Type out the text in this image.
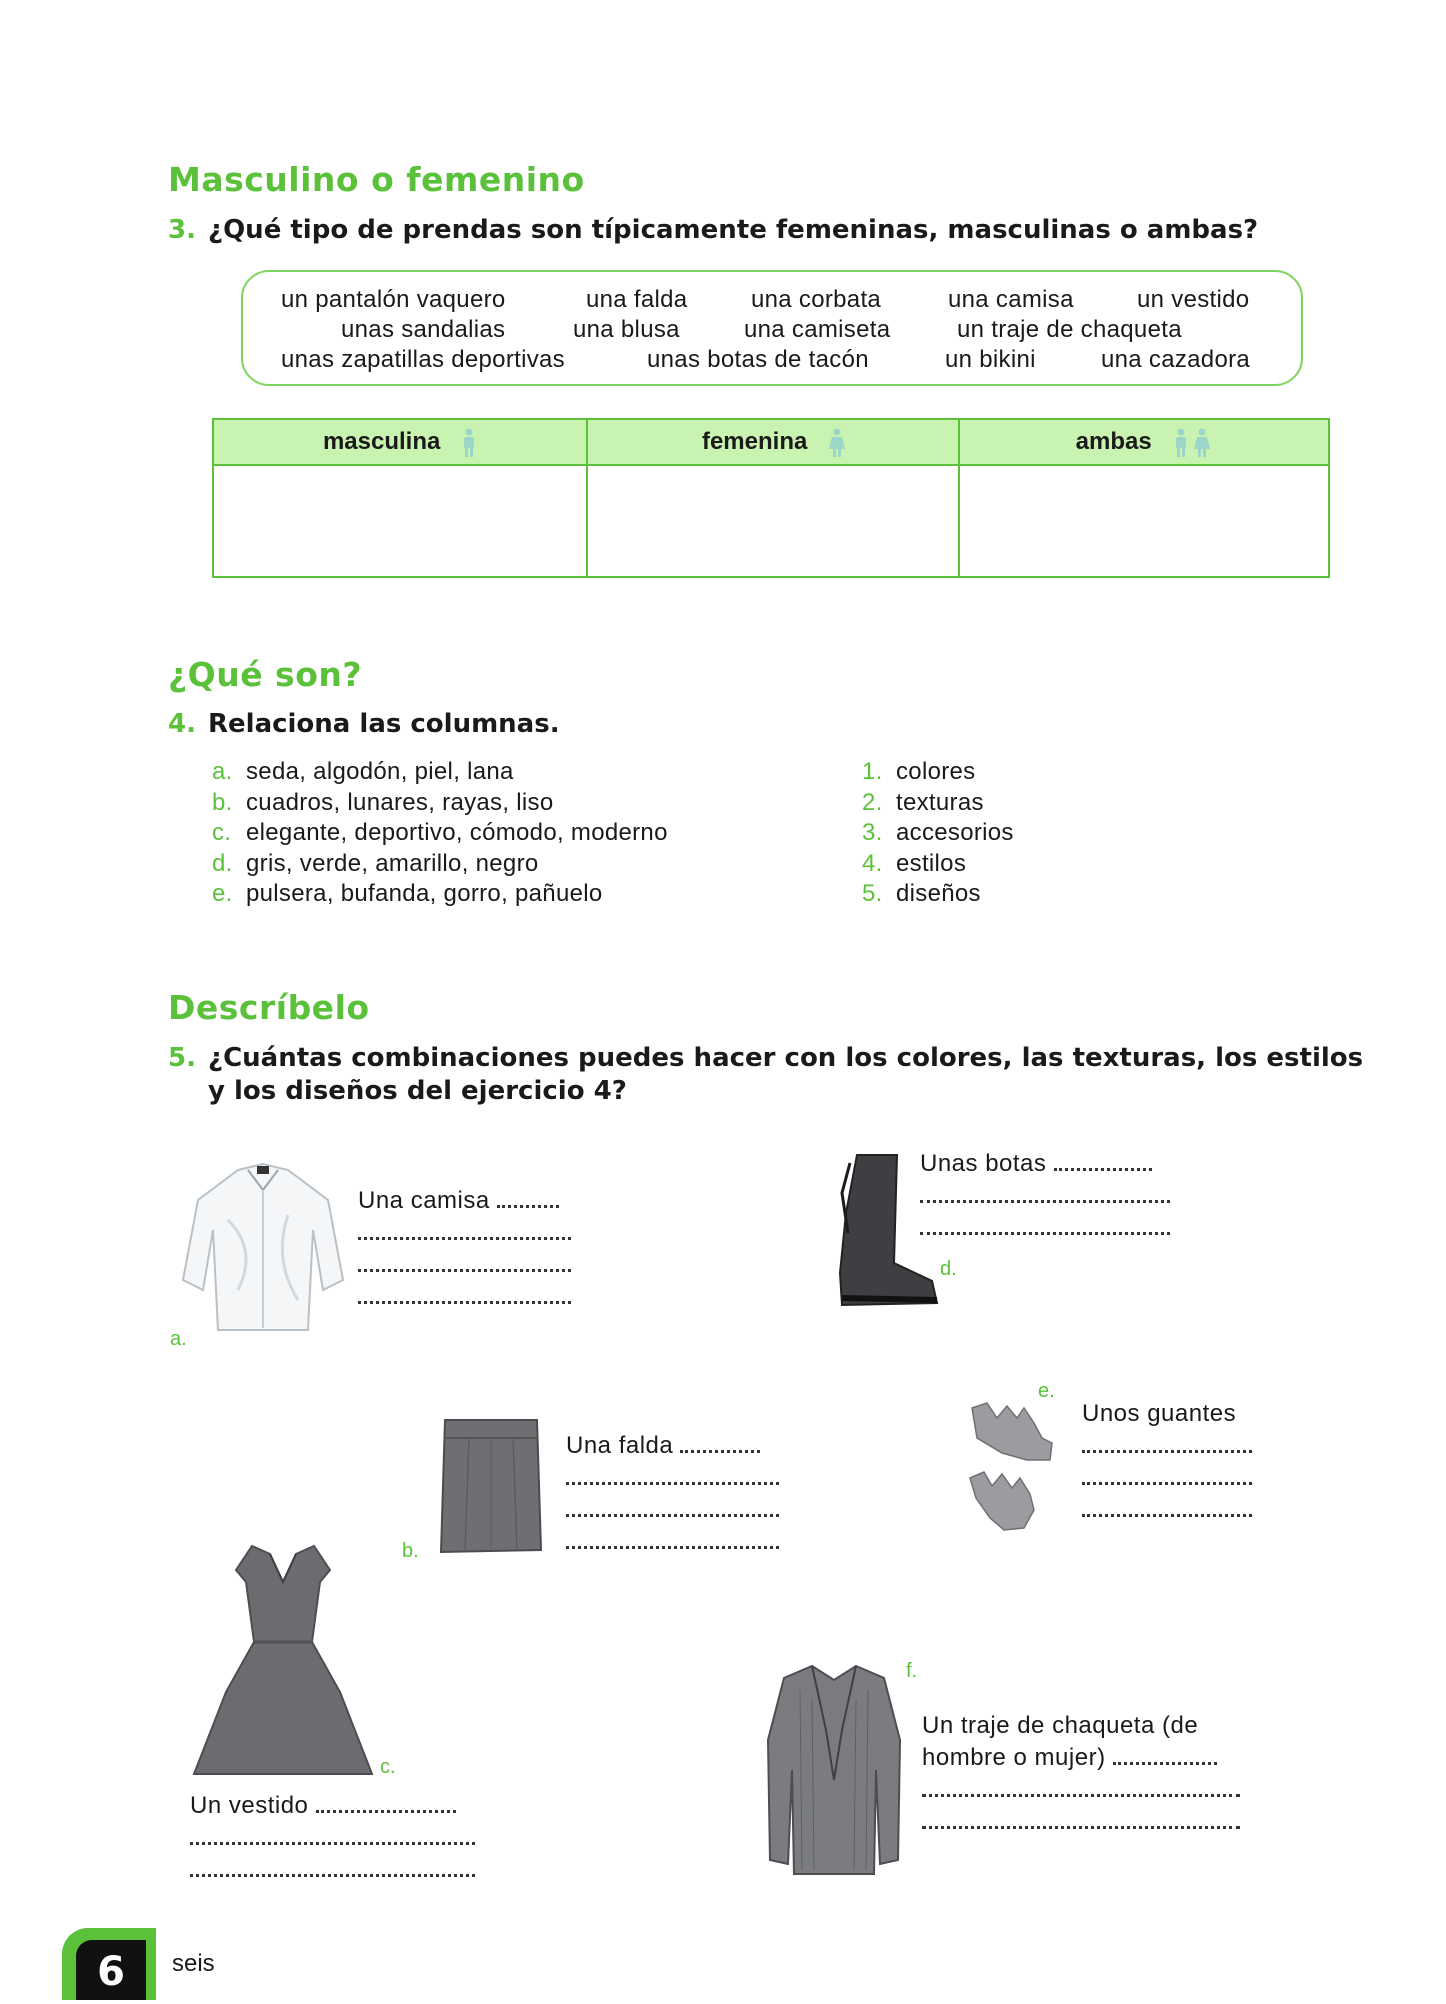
Masculino o femenino
3. ¿Qué tipo de prendas son típicamente femeninas, masculinas o ambas?
un pantalón vaquero	una falda	una corbata	una camisa	un vestido
unas sandalias	una blusa	una camiseta	un traje de chaqueta
unas zapatillas deportivas	unas botas de tacón	un bikini	una cazadora
masculina	femenina	ambas
¿Qué son?
4. Relaciona las columnas.
a. seda, algodón, piel, lana
b. cuadros, lunares, rayas, liso
c. elegante, deportivo, cómodo, moderno
d. gris, verde, amarillo, negro
e. pulsera, bufanda, gorro, pañuelo
1. colores
2. texturas
3. accesorios
4. estilos
5. diseños
Descríbelo
5. ¿Cuántas combinaciones puedes hacer con los colores, las texturas, los estilos
y los diseños del ejercicio 4?
a.
Una camisa
d.
Unas botas
e.
Unos guantes
b.
Una falda
c.
Un vestido
f.
Un traje de chaqueta (de
hombre o mujer)
6	seis
